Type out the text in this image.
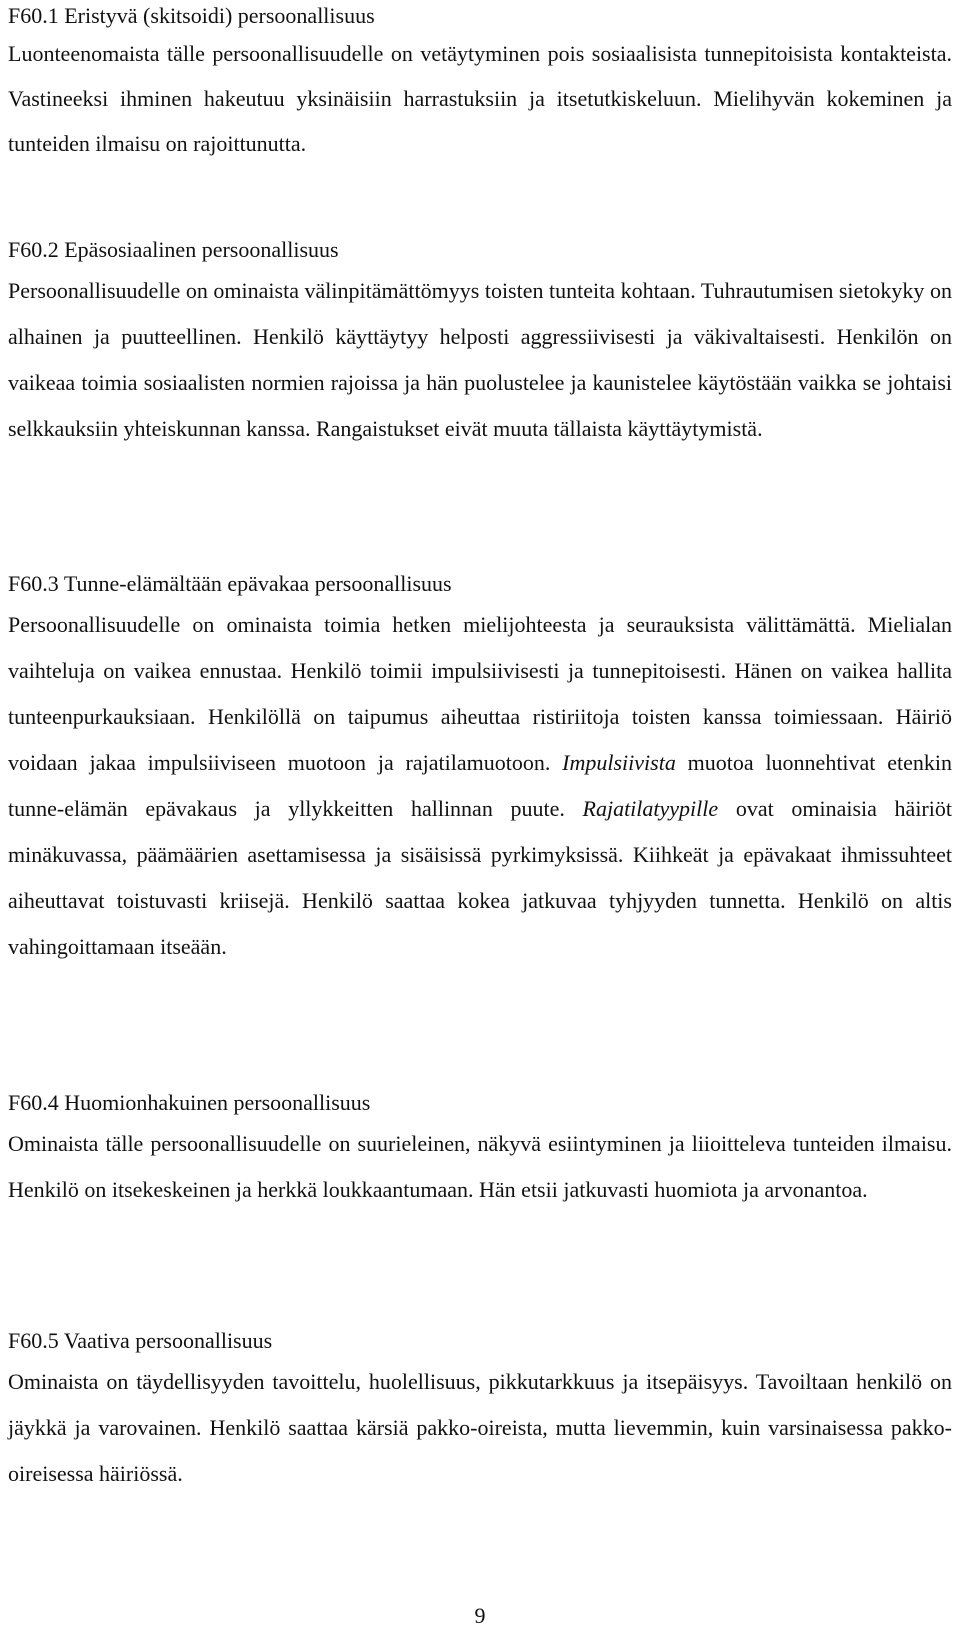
F60.1 Eristyvä (skitsoidi) persoonallisuus

Luonteenomaista tälle persoonallisuudelle on vetäytyminen pois sosiaalisista tunnepitoisista kontakteista. Vastineeksi ihminen hakeutuu yksinäisiin harrastuksiin ja itsetutkiskeluun. Mielihyvän kokeminen ja tunteiden ilmaisu on rajoittunutta.

F60.2 Epäsosiaalinen persoonallisuus

Persoonallisuudelle on ominaista välinpitämättömyys toisten tunteita kohtaan. Tuhrautumisen sietokyky on alhainen ja puutteellinen. Henkilö käyttäytyy helposti aggressiivisesti ja väkivaltaisesti. Henkilön on vaikeaa toimia sosiaalisten normien rajoissa ja hän puolustelee ja kaunistelee käytöstään vaikka se johtaisi selkkauksiin yhteiskunnan kanssa. Rangaistukset eivät muuta tällaista käyttäytymistä.

F60.3 Tunne-elämältään epävakaa persoonallisuus

Persoonallisuudelle on ominaista toimia hetken mielijohteesta ja seurauksista välittämättä. Mielialan vaihteluja on vaikea ennustaa. Henkilö toimii impulsiivisesti ja tunnepitoisesti. Hänen on vaikea hallita tunteenpurkauksiaan. Henkilöllä on taipumus aiheuttaa ristiriitoja toisten kanssa toimiessaan. Häiriö voidaan jakaa impulsiiviseen muotoon ja rajatilamuotoon. Impulsiivista muotoa luonnehtivat etenkin tunne-elämän epävakaus ja yllykkeitten hallinnan puute. Rajatilatyypille ovat ominaisia häiriöt minäkuvassa, päämäärien asettamisessa ja sisäisissä pyrkimyksissä. Kiihkeät ja epävakaat ihmissuhteet aiheuttavat toistuvasti kriisejä. Henkilö saattaa kokea jatkuvaa tyhjyyden tunnetta. Henkilö on altis vahingoittamaan itseään.

F60.4 Huomionhakuinen persoonallisuus

Ominaista tälle persoonallisuudelle on suurieleinen, näkyvä esiintyminen ja liioitteleva tunteiden ilmaisu. Henkilö on itsekeskeinen ja herkkä loukkaantumaan. Hän etsii jatkuvasti huomiota ja arvonantoa.

F60.5 Vaativa persoonallisuus

Ominaista on täydellisyyden tavoittelu, huolellisuus, pikkutarkkuus ja itsepäisyys. Tavoiltaan henkilö on jäykkä ja varovainen. Henkilö saattaa kärsiä pakko-oireista, mutta lievemmin, kuin varsinaisessa pakko-oireisessa häiriössä.

9
